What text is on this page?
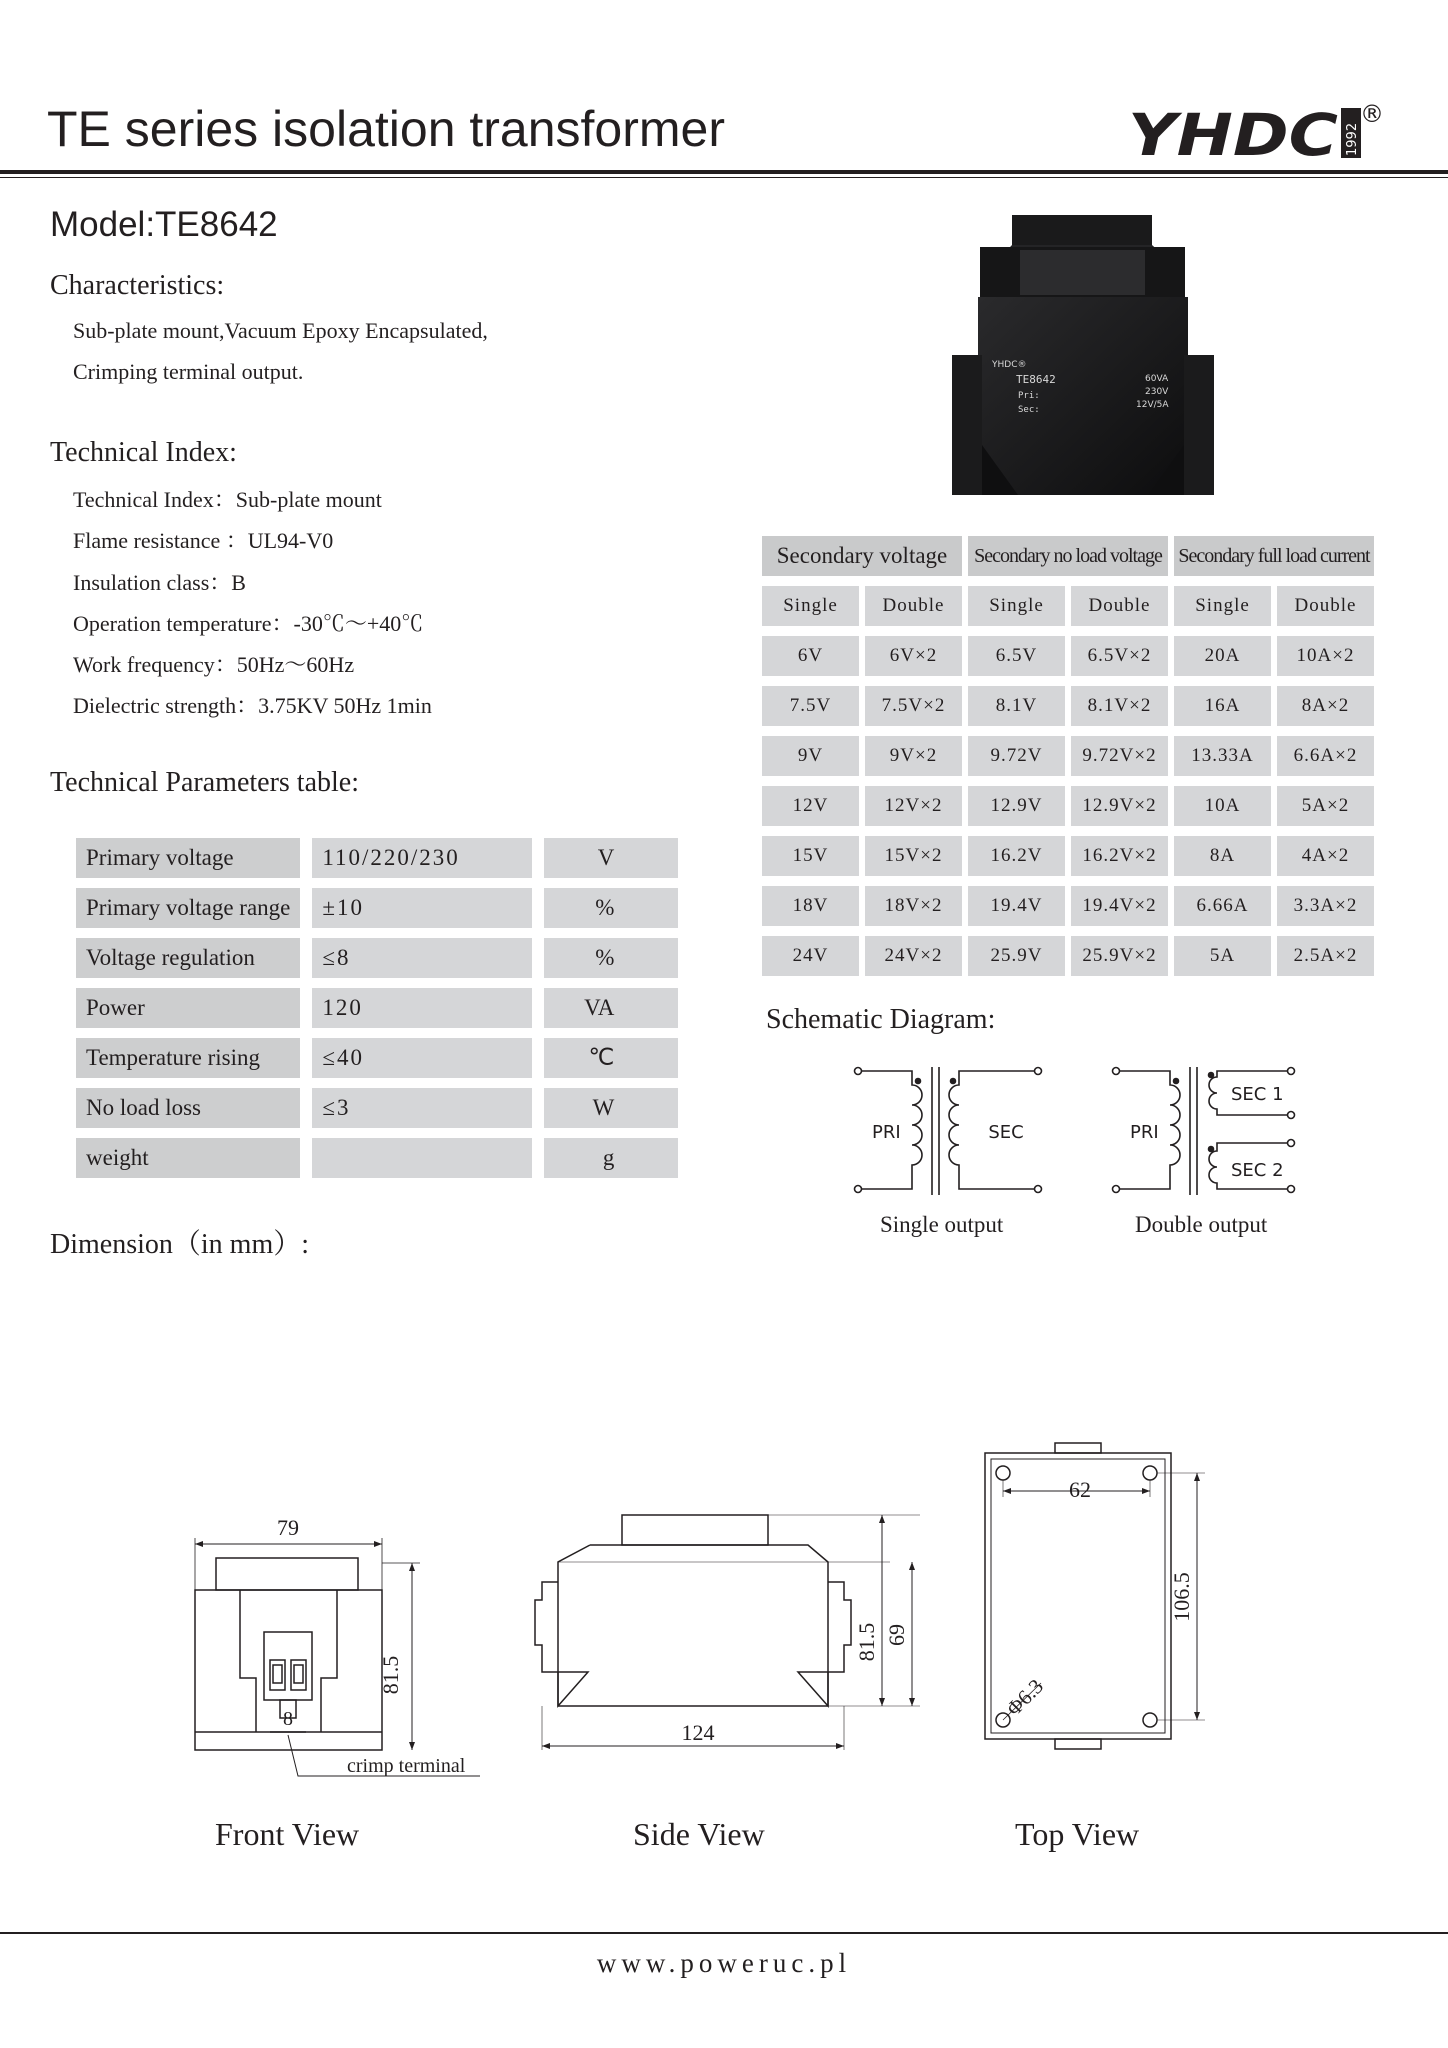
TE series isolation transformer	YHDC 1992
®
Model:TE8642
Characteristics:
Sub-plate mount,Vacuum Epoxy Encapsulated,
Crimping terminal output.
Technical Index:
Technical Index：Sub-plate mount
Flame resistance ：UL94-V0
Insulation class：B
Operation temperature：-30℃～+40℃
Work frequency：50Hz～60Hz
Dielectric strength：3.75KV 50Hz 1min
Technical Parameters table:
Primary voltage	110/220/230	V
Primary voltage range	±10	%
Voltage regulation	≤8	%
Power	120	VA
Temperature rising	≤40	℃
No load loss	≤3	W
weight		g
YHDC®
TE8642
Pri:
Sec:
60VA
230V
12V/5A
Secondary voltage		Secondary no load voltage		Secondary full load current	
Single	Double	Single	Double	Single	Double
6V	6V×2	6.5V	6.5V×2	20A	10A×2
7.5V	7.5V×2	8.1V	8.1V×2	16A	8A×2
9V	9V×2	9.72V	9.72V×2	13.33A	6.6A×2
12V	12V×2	12.9V	12.9V×2	10A	5A×2
15V	15V×2	16.2V	16.2V×2	8A	4A×2
18V	18V×2	19.4V	19.4V×2	6.66A	3.3A×2
24V	24V×2	25.9V	25.9V×2	5A	2.5A×2
Schematic Diagram:
PRI	SEC	PRI
SEC 1
SEC 2
Single output	Double output
Dimension（in mm）:
79
8
crimp terminal
81.5
Front View
81.5 69
124
Side View
62
106.5
Φ6.3
Top View
www.poweruc.pl
